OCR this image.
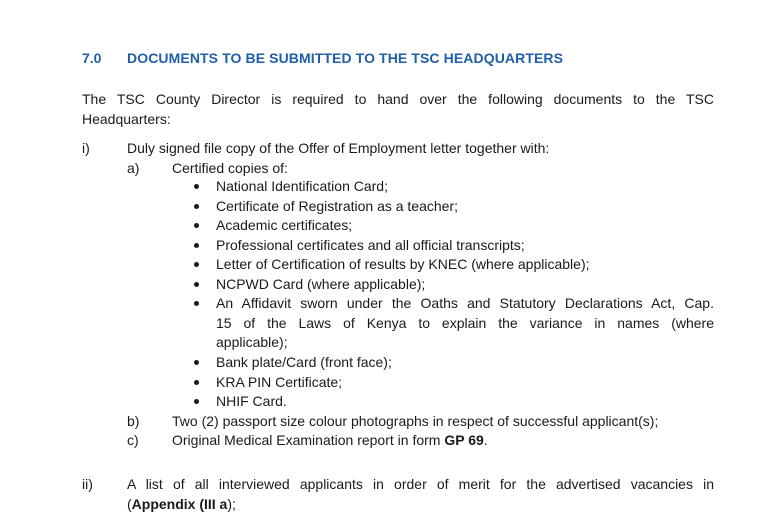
7.0 DOCUMENTS TO BE SUBMITTED TO THE TSC HEADQUARTERS
The TSC County Director is required to hand over the following documents to the TSC
Headquarters:
i)	Duly signed file copy of the Offer of Employment letter together with:
a) Certified copies of:
National Identification Card;
Certificate of Registration as a teacher;
Academic certificates;
Professional certificates and all official transcripts;
Letter of Certification of results by KNEC (where applicable);
NCPWD Card (where applicable);
An Affidavit sworn under the Oaths and Statutory Declarations Act, Cap.
15 of the Laws of Kenya to explain the variance in names (where
applicable);
Bank plate/Card (front face);
KRA PIN Certificate;
NHIF Card.
b) Two (2) passport size colour photographs in respect of successful applicant(s);
c) Original Medical Examination report in form GP 69.
ii) A list of all interviewed applicants in order of merit for the advertised vacancies in
(Appendix (III a);
